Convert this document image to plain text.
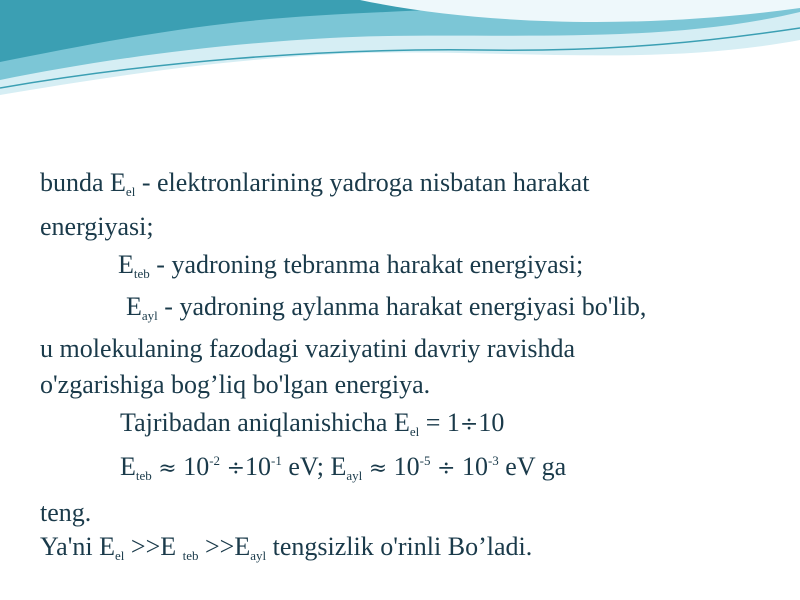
bunda $E_{el}$ - elektronlarining yadroga nisbatan harakat
energiyasi;
$E_{teb}$ - yadroning tebranma harakat energiyasi;
$E_{ayl}$ - yadroning aylanma harakat energiyasi bo'lib,
u molekulaning fazodagi vaziyatini davriy ravishda
o'zgarishiga bog’liq bo'lgan energiya.
Tajribadan aniqlanishicha $E_{el} = 1\div 10$
$E_{teb} \approx 10^{-2} \div 10^{-1}$ eV; $E_{ayl} \approx 10^{-5} \div 10^{-3}$ eV ga
teng.
Ya'ni $E_{el} >>E$ $_{teb} >>E_{ayl}$ tengsizlik o'rinli Bo’ladi.
